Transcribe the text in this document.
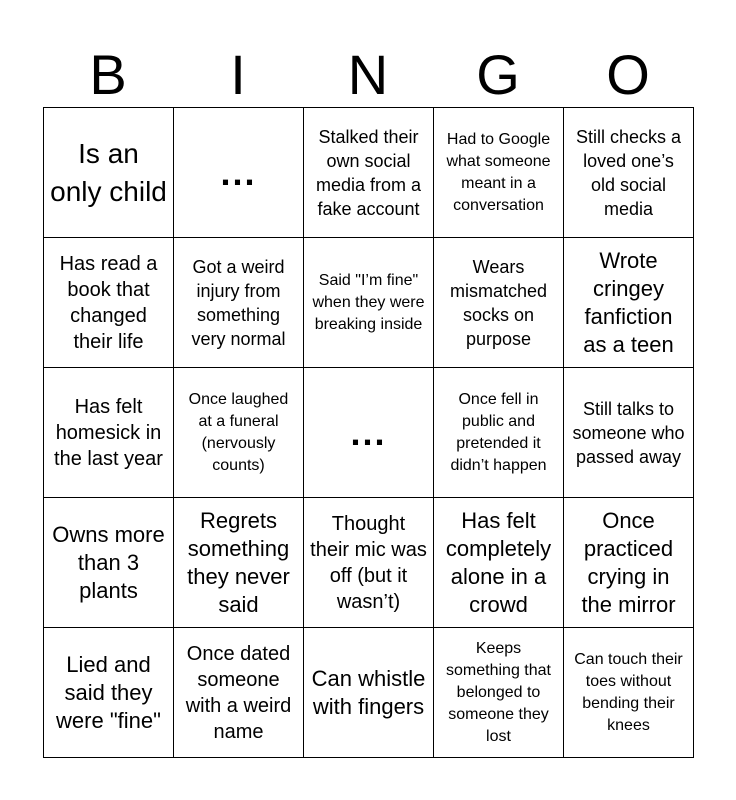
B	I	N	G	O
Is an only child ...
Stalked their own social media from a fake account
Had to Google what someone meant in a conversation
Still checks a loved one’s old social media
Has read a book that changed their life
Got a weird injury from something very normal
Said "I’m fine" when they were breaking inside
Wears mismatched socks on purpose
Wrote cringey fanfiction as a teen
Has felt homesick in the last year
Once laughed at a funeral (nervously counts)
...
Once fell in public and pretended it didn’t happen
Still talks to someone who passed away
Owns more than 3 plants
Regrets something they never said
Thought their mic was off (but it wasn’t)
Has felt completely alone in a crowd
Once practiced crying in the mirror
Lied and said they were "fine"
Once dated someone with a weird name
Can whistle with fingers
Keeps something that belonged to someone they lost
Can touch their toes without bending their knees
